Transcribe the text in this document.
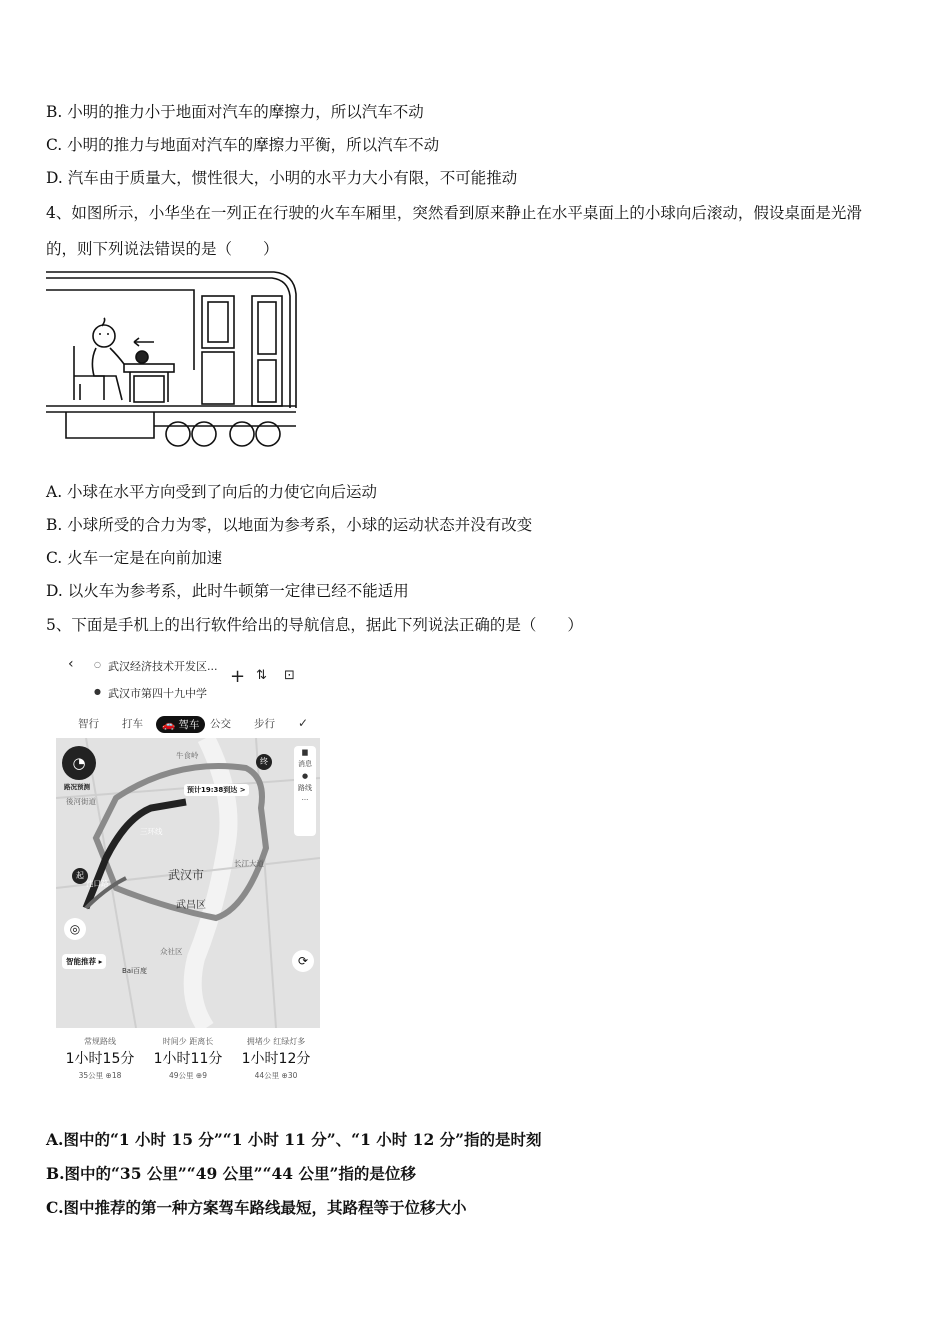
B. 小明的推力小于地面对汽车的摩擦力，所以汽车不动
C. 小明的推力与地面对汽车的摩擦力平衡，所以汽车不动
D. 汽车由于质量大，惯性很大，小明的水平力大小有限，不可能推动
4、如图所示，小华坐在一列正在行驶的火车车厢里，突然看到原来静止在水平桌面上的小球向后滚动，假设桌面是光滑
的，则下列说法错误的是（　　）
A. 小球在水平方向受到了向后的力使它向后运动
B. 小球所受的合力为零，以地面为参考系，小球的运动状态并没有改变
C. 火车一定是在向前加速
D. 以火车为参考系，此时牛顿第一定律已经不能适用
5、下面是手机上的出行软件给出的导航信息，据此下列说法正确的是（　　）
‹	○ 武汉经济技术开发区...
● 武汉市第四十九中学
+ ⇅ ⊡
智行 打车	🚗 驾车	公交 步行 ✓
◔
路况预测
▆
消息
●
路线
···
牛食岭
後河街道
武汉市
武昌区
三环线
长江大道
沌口路
众社区
预计19:38到达 >
终
起
◎
⟳
智能推荐 ▸
Bai百度
常规路线
1小时15分
35公里 ⊕18
时间少 距离长
1小时11分
49公里 ⊕9
拥堵少 红绿灯多
1小时12分
44公里 ⊕30
A.图中的“1 小时 15 分”“1 小时 11 分”、“1 小时 12 分”指的是时刻
B.图中的“35 公里”“49 公里”“44 公里”指的是位移
C.图中推荐的第一种方案驾车路线最短，其路程等于位移大小
